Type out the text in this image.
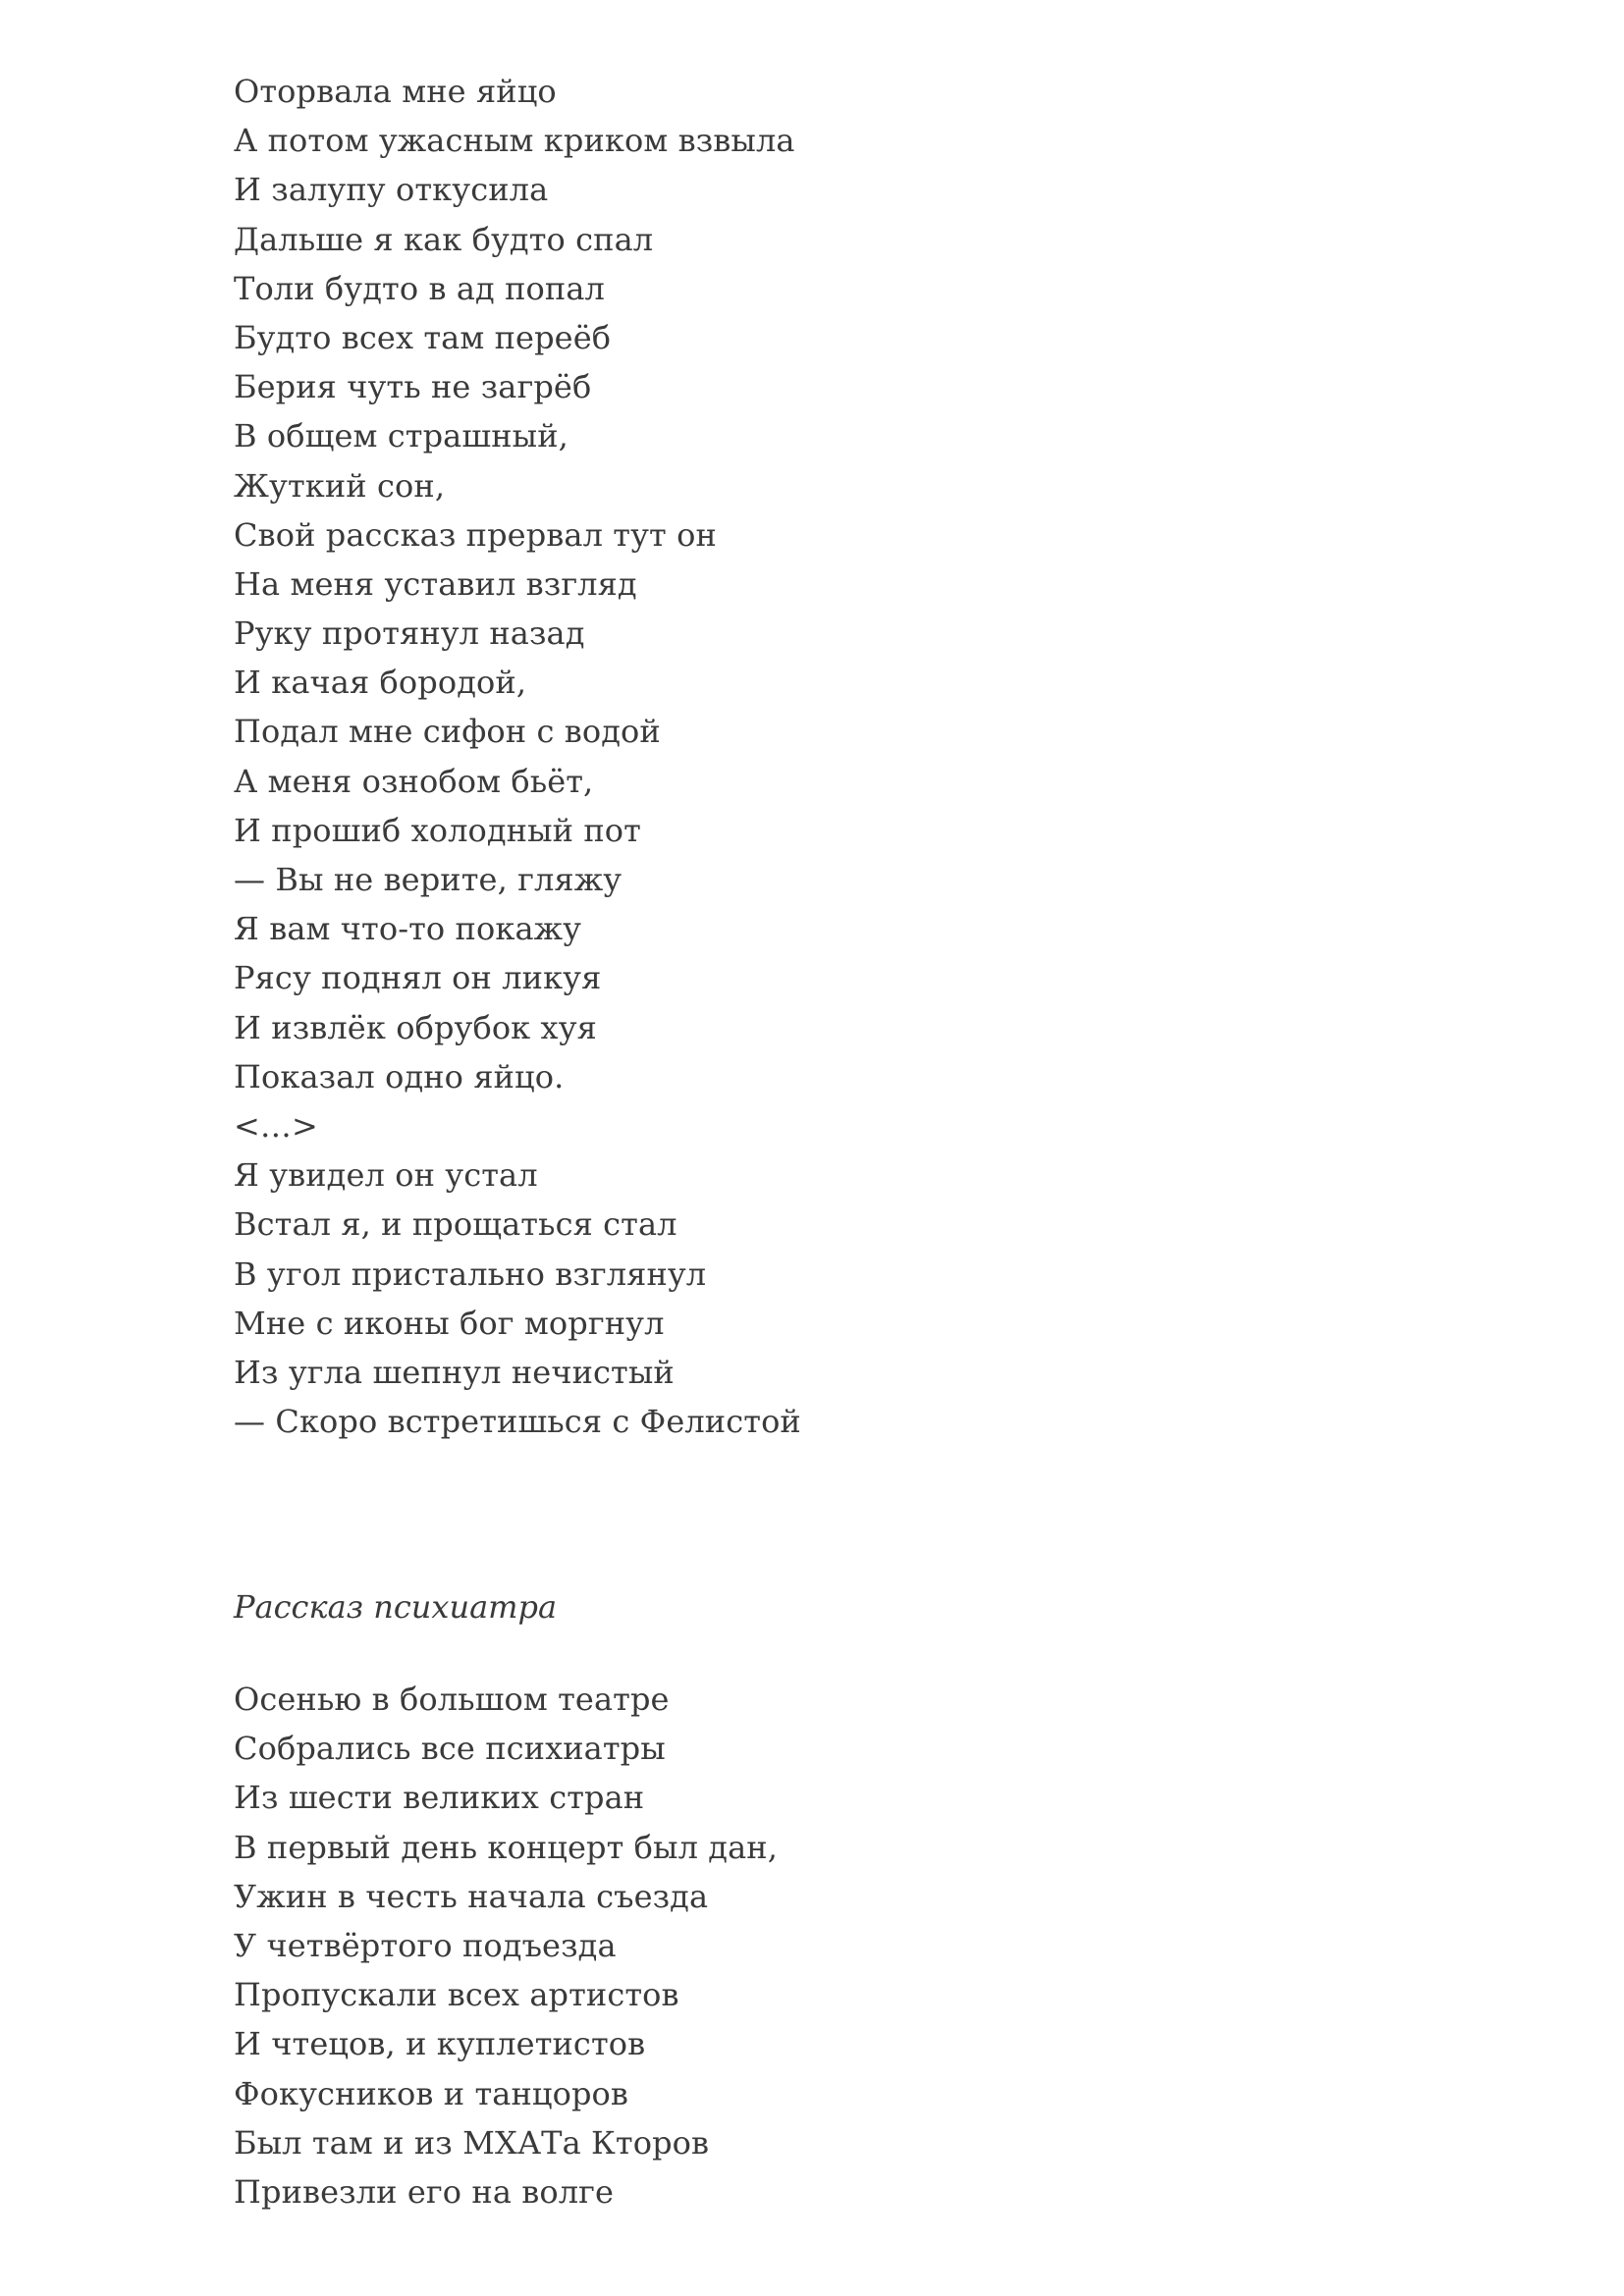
Оторвала мне яйцо
А потом ужасным криком взвыла
И залупу откусила
Дальше я как будто спал
Толи будто в ад попал
Будто всех там переёб
Берия чуть не загрёб
В общем страшный,
Жуткий сон,
Свой рассказ прервал тут он
На меня уставил взгляд
Руку протянул назад
И качая бородой,
Подал мне сифон с водой
А меня ознобом бьёт,
И прошиб холодный пот
— Вы не верите, гляжу
Я вам что-то покажу
Рясу поднял он ликуя
И извлёк обрубок хуя
Показал одно яйцо.
<…>
Я увидел он устал
Встал я, и прощаться стал
В угол пристально взглянул
Мне с иконы бог моргнул
Из угла шепнул нечистый
— Скоро встретишься с Фелистой
Рассказ психиатра
Осенью в большом театре
Собрались все психиатры
Из шести великих стран
В первый день концерт был дан,
Ужин в честь начала съезда
У четвёртого подъезда
Пропускали всех артистов
И чтецов, и куплетистов
Фокусников и танцоров
Был там и из МХАТа Кторов
Привезли его на волге
